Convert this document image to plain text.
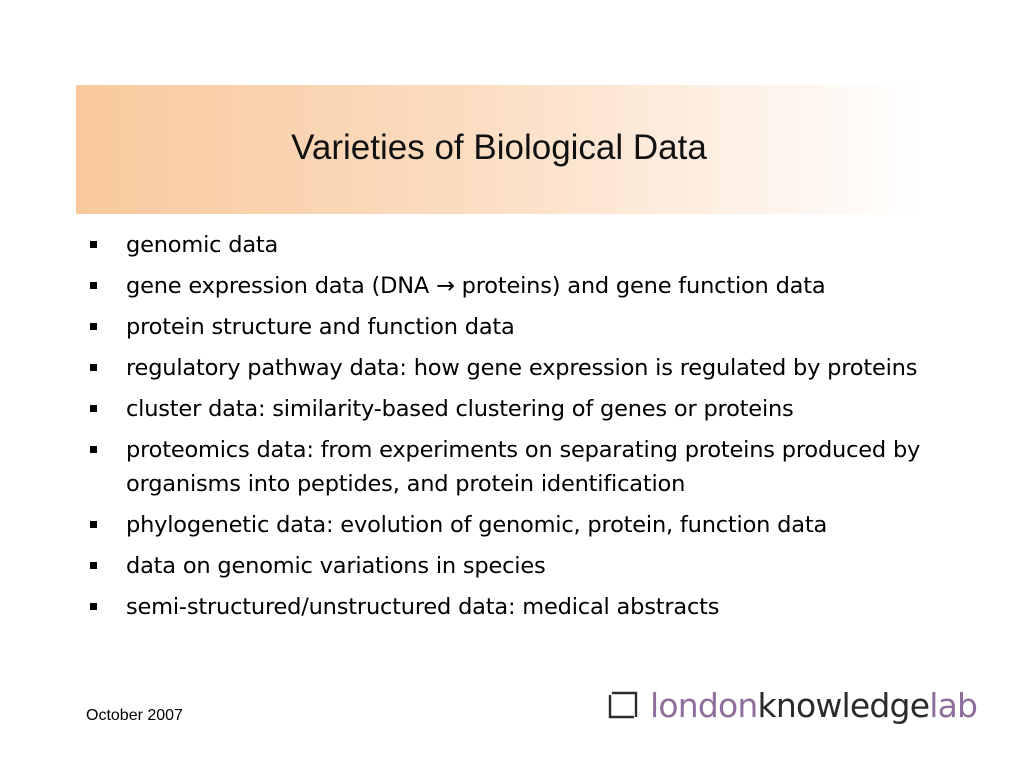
Varieties of Biological Data
genomic data
gene expression data (DNA → proteins) and gene function data
protein structure and function data
regulatory pathway data: how gene expression is regulated by proteins
cluster data: similarity-based clustering of genes or proteins
proteomics data: from experiments on separating proteins produced by organisms into peptides, and protein identification
phylogenetic data: evolution of genomic, protein, function data
data on genomic variations in species
semi-structured/unstructured data: medical abstracts
October 2007	londonknowledgelab
